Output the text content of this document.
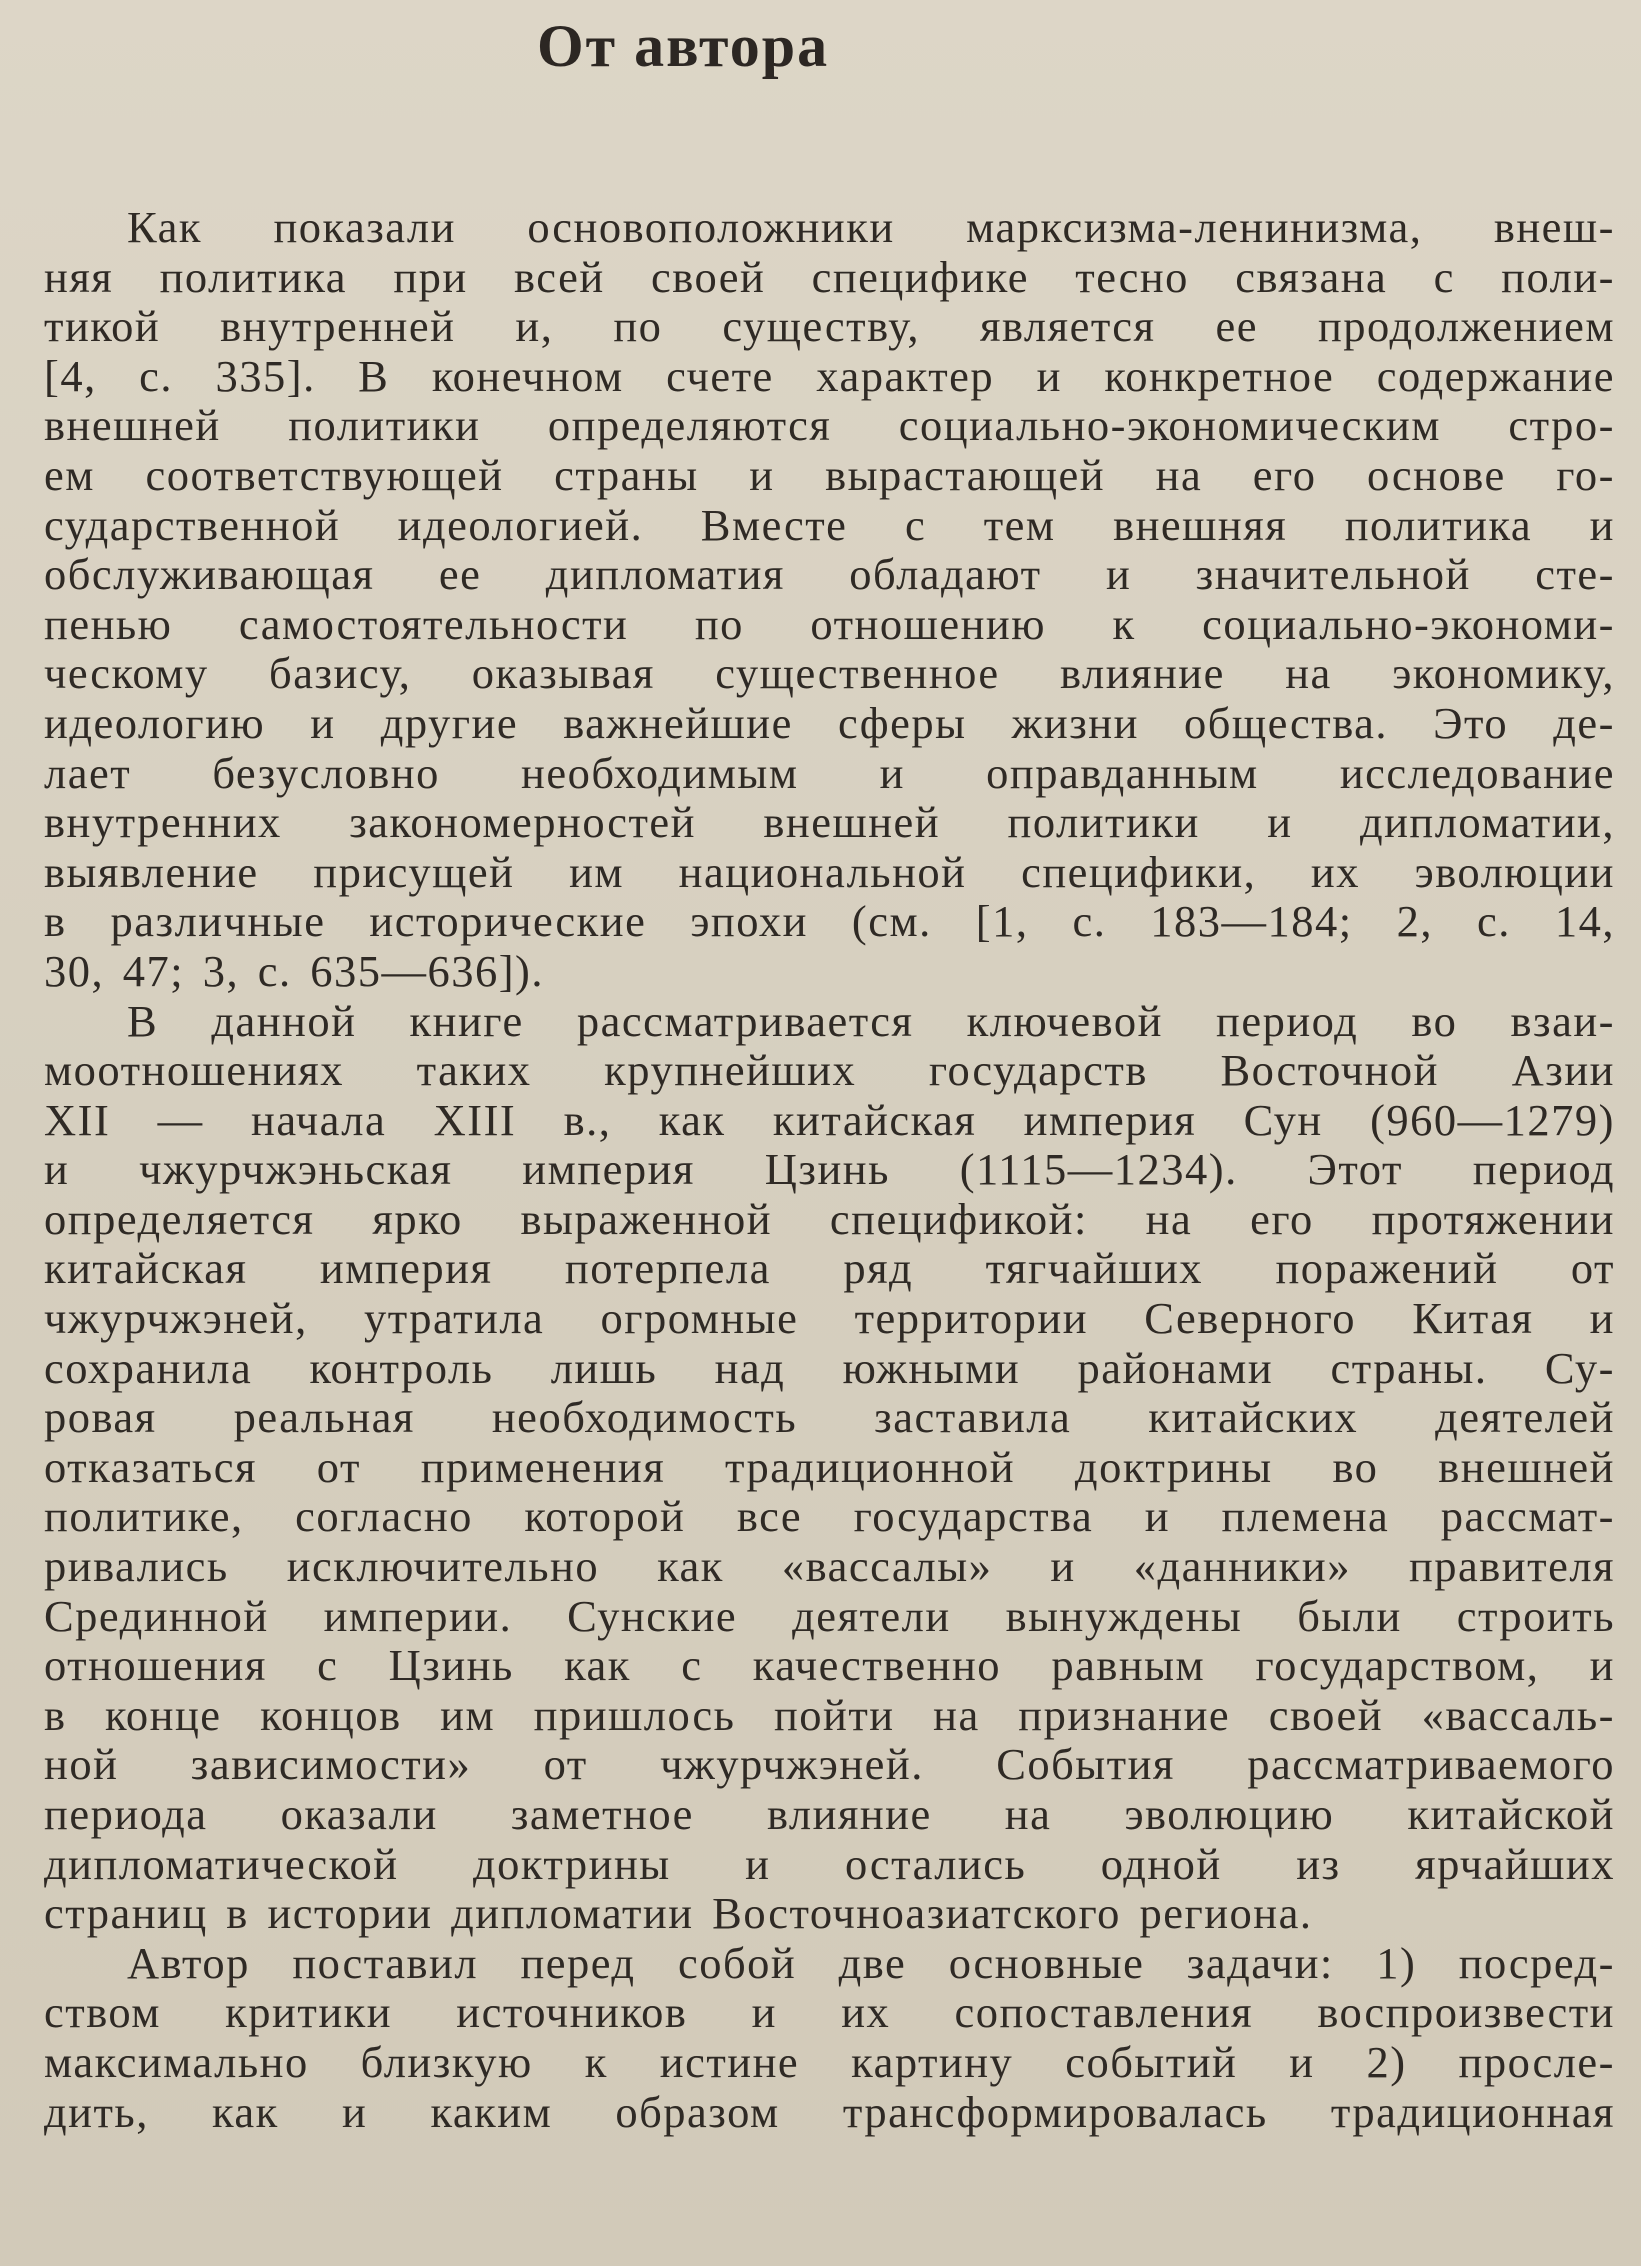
От автора
Как показали основоположники марксизма-ленинизма, внеш-
няя политика при всей своей специфике тесно связана с поли-
тикой внутренней и, по существу, является ее продолжением
[4, с. 335]. В конечном счете характер и конкретное содержание
внешней политики определяются социально-экономическим стро-
ем соответствующей страны и вырастающей на его основе го-
сударственной идеологией. Вместе с тем внешняя политика и
обслуживающая ее дипломатия обладают и значительной сте-
пенью самостоятельности по отношению к социально-экономи-
ческому базису, оказывая существенное влияние на экономику,
идеологию и другие важнейшие сферы жизни общества. Это де-
лает безусловно необходимым и оправданным исследование
внутренних закономерностей внешней политики и дипломатии,
выявление присущей им национальной специфики, их эволюции
в различные исторические эпохи (см. [1, с. 183—184; 2, с. 14,
30, 47; 3, с. 635—636]).
В данной книге рассматривается ключевой период во взаи-
моотношениях таких крупнейших государств Восточной Азии
XII — начала XIII в., как китайская империя Сун (960—1279)
и чжурчжэньская империя Цзинь (1115—1234). Этот период
определяется ярко выраженной спецификой: на его протяжении
китайская империя потерпела ряд тягчайших поражений от
чжурчжэней, утратила огромные территории Северного Китая и
сохранила контроль лишь над южными районами страны. Су-
ровая реальная необходимость заставила китайских деятелей
отказаться от применения традиционной доктрины во внешней
политике, согласно которой все государства и племена рассмат-
ривались исключительно как «вассалы» и «данники» правителя
Срединной империи. Сунские деятели вынуждены были строить
отношения с Цзинь как с качественно равным государством, и
в конце концов им пришлось пойти на признание своей «вассаль-
ной зависимости» от чжурчжэней. События рассматриваемого
периода оказали заметное влияние на эволюцию китайской
дипломатической доктрины и остались одной из ярчайших
страниц в истории дипломатии Восточноазиатского региона.
Автор поставил перед собой две основные задачи: 1) посред-
ством критики источников и их сопоставления воспроизвести
максимально близкую к истине картину событий и 2) просле-
дить, как и каким образом трансформировалась традиционная
